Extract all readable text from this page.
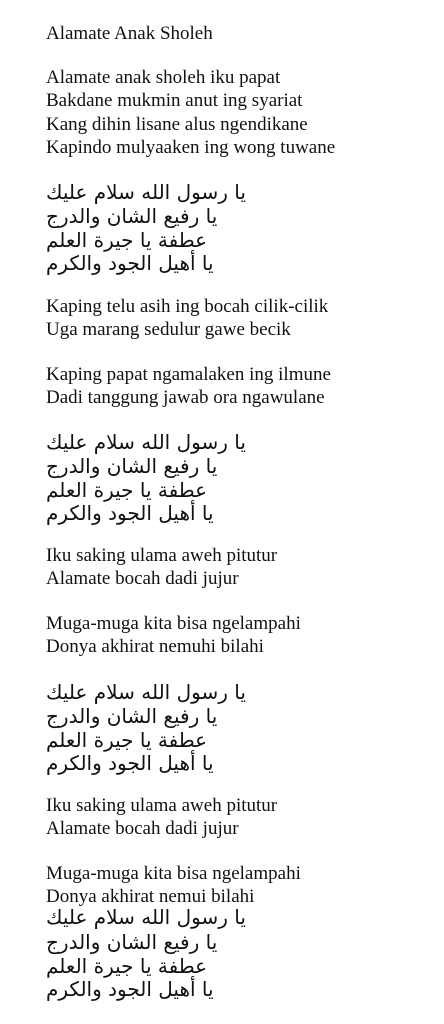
Alamate Anak Sholeh
Alamate anak sholeh iku papat
Bakdane mukmin anut ing syariat
Kang dihin lisane alus ngendikane
Kapindo mulyaaken ing wong tuwane
يا رسول الله سلام عليك
يا رفيع الشان والدرج
عطفة يا جيرة العلم
يا أهيل الجود والكرم
Kaping telu asih ing bocah cilik-cilik
Uga marang sedulur gawe becik
Kaping papat ngamalaken ing ilmune
Dadi tanggung jawab ora ngawulane
يا رسول الله سلام عليك
يا رفيع الشان والدرج
عطفة يا جيرة العلم
يا أهيل الجود والكرم
Iku saking ulama aweh pitutur
Alamate bocah dadi jujur
Muga-muga kita bisa ngelampahi
Donya akhirat nemuhi bilahi
يا رسول الله سلام عليك
يا رفيع الشان والدرج
عطفة يا جيرة العلم
يا أهيل الجود والكرم
Iku saking ulama aweh pitutur
Alamate bocah dadi jujur
Muga-muga kita bisa ngelampahi
Donya akhirat nemui bilahi
يا رسول الله سلام عليك
يا رفيع الشان والدرج
عطفة يا جيرة العلم
يا أهيل الجود والكرم
